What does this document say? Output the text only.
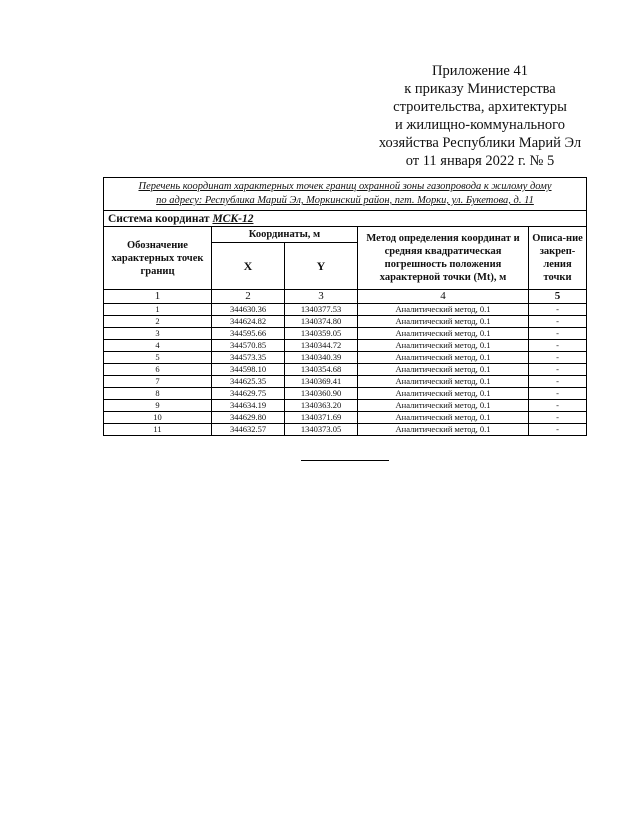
Приложение 41
к приказу Министерства
строительства, архитектуры
и жилищно-коммунального
хозяйства Республики Марий Эл
от 11 января 2022 г. № 5
Перечень координат характерных точек границ охранной зоны газопровода к жилому дому
по адресу: Республика Марий Эл, Моркинский район, пгт. Морки, ул. Букетова, д. 11				

Система координат МСК-12				
Обозначение характерных точек границ	Координаты, м		Метод определения координат и средняя квадратическая погрешность положения характерной точки (Mt), м	Описа-ние закреп-ления точки
	X	Y		
1	2	3	4	5
1	344630.36	1340377.53	Аналитический метод, 0.1	-
2	344624.82	1340374.80	Аналитический метод, 0.1	-
3	344595.66	1340359.05	Аналитический метод, 0.1	-
4	344570.85	1340344.72	Аналитический метод, 0.1	-
5	344573.35	1340340.39	Аналитический метод, 0.1	-
6	344598.10	1340354.68	Аналитический метод, 0.1	-
7	344625.35	1340369.41	Аналитический метод, 0.1	-
8	344629.75	1340360.90	Аналитический метод, 0.1	-
9	344634.19	1340363.20	Аналитический метод, 0.1	-
10	344629.80	1340371.69	Аналитический метод, 0.1	-
11	344632.57	1340373.05	Аналитический метод, 0.1	-
